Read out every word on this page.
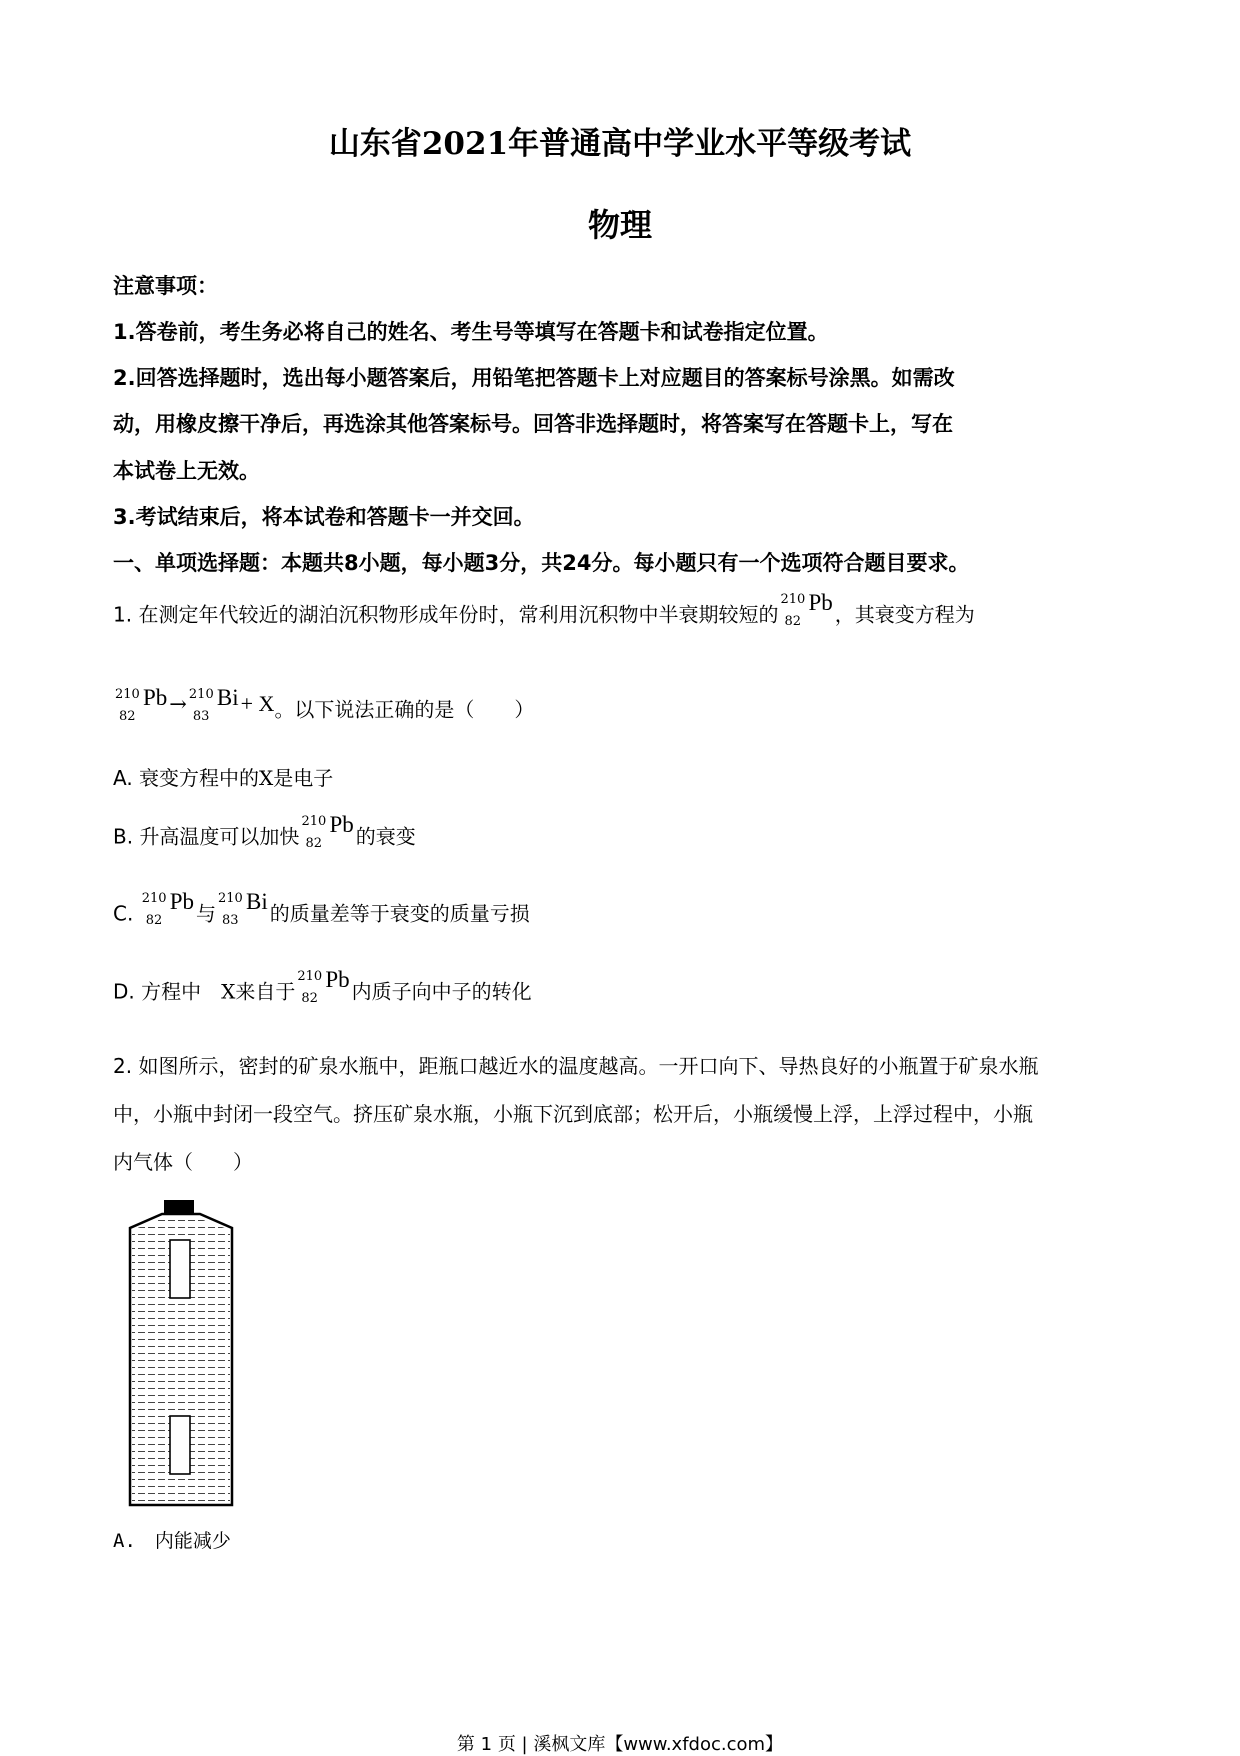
山东省2021年普通高中学业水平等级考试
物理
注意事项：
1.答卷前，考生务必将自己的姓名、考生号等填写在答题卡和试卷指定位置。
2.回答选择题时，选出每小题答案后，用铅笔把答题卡上对应题目的答案标号涂黑。如需改
动，用橡皮擦干净后，再选涂其他答案标号。回答非选择题时，将答案写在答题卡上，写在
本试卷上无效。
3.考试结束后，将本试卷和答题卡一并交回。
一、单项选择题：本题共8小题，每小题3分，共24分。每小题只有一个选项符合题目要求。
1. 在测定年代较近的湖泊沉积物形成年份时，常利用沉积物中半衰期较短的
210
82
Pb ，其衰变方程为
210
82
Pb→ 210
83
Bi+ X。以下说法正确的是（　　）
A. 衰变方程中的X是电子
B. 升高温度可以加快
210
82
Pb 的衰变
C.
210
82
Pb 与
210
83
Bi 的质量差等于衰变的质量亏损
D. 方程中　X来自于
210
82
Pb 内质子向中子的转化
2. 如图所示，密封的矿泉水瓶中，距瓶口越近水的温度越高。一开口向下、导热良好的小瓶置于矿泉水瓶
中，小瓶中封闭一段空气。挤压矿泉水瓶，小瓶下沉到底部；松开后，小瓶缓慢上浮，上浮过程中，小瓶
内气体（　　）
A.　内能减少
第 1 页 | 溪枫文库【www.xfdoc.com】
